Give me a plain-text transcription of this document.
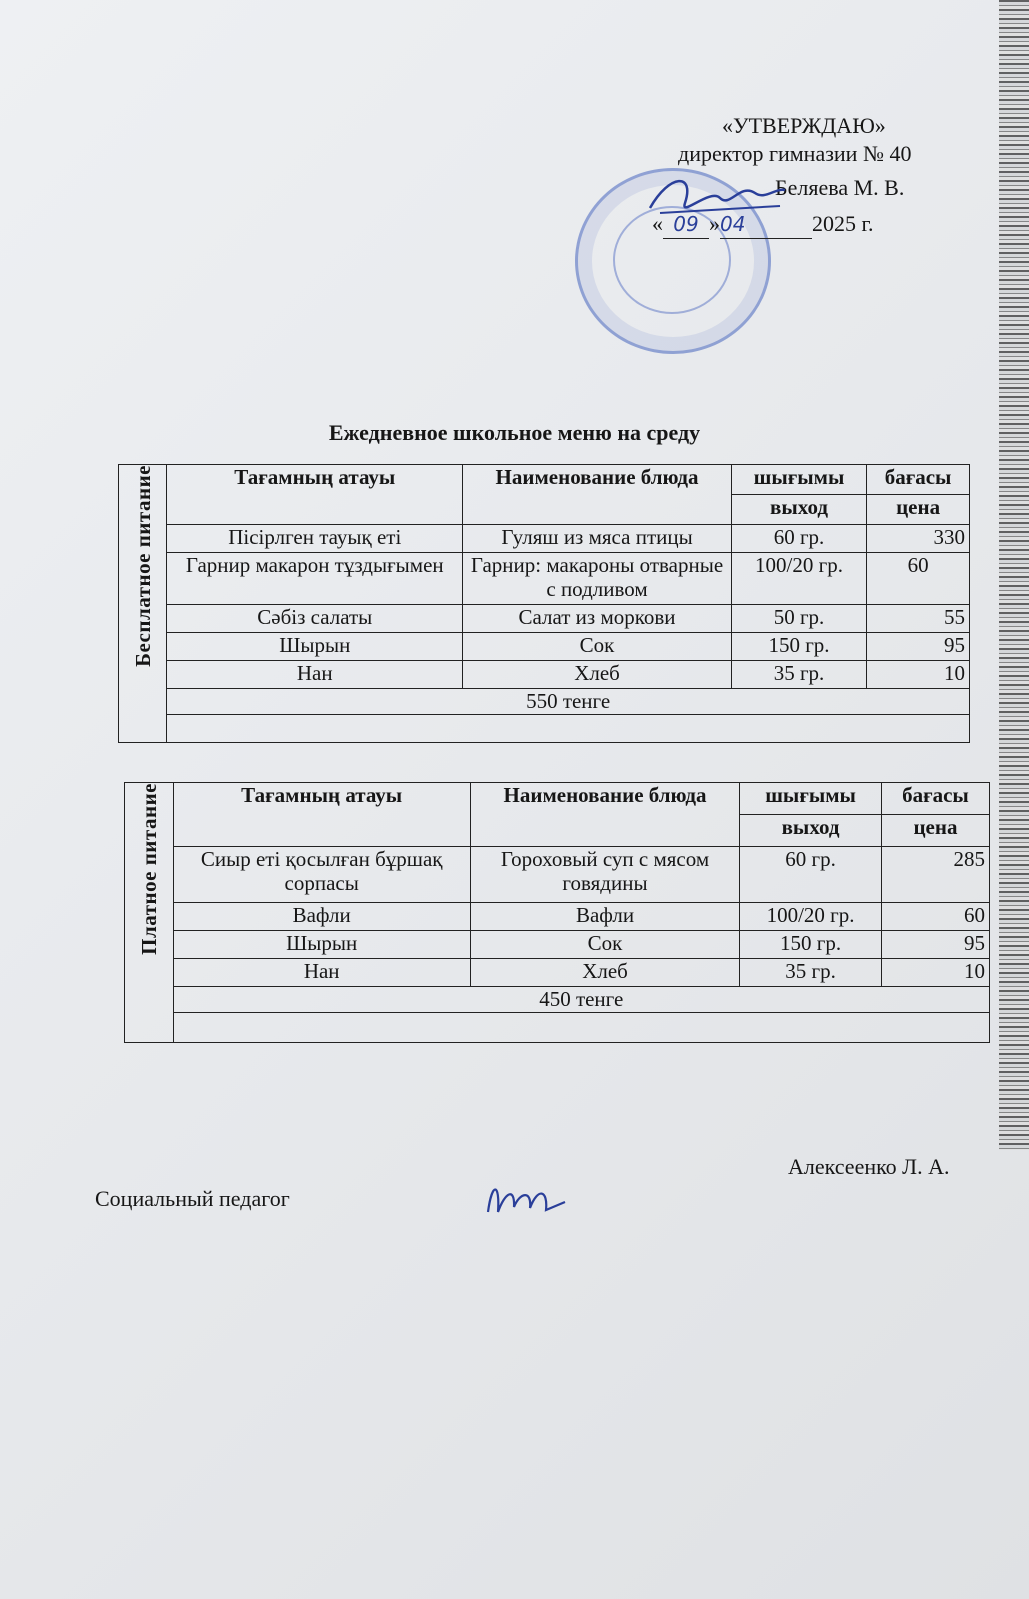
«УТВЕРЖДАЮ»
директор гимназии № 40
Беляева М. В.
« 09 »04	2025 г.
Ежедневное школьное меню на среду
Бесплатное питание	Тағамның атауы	Наименование блюда	шығымы	бағасы
			выход	цена
	Пісірлген тауық еті	Гуляш из мяса птицы	60 гр.	330
	Гарнир макарон тұздығымен	Гарнир: макароны отварные с подливом	100/20 гр.	60
	Сәбіз салаты	Салат из моркови	50 гр.	55
	Шырын	Сок	150 гр.	95
	Нан	Хлеб	35 гр.	10
	550 тенге			

Платное питание	Тағамның атауы	Наименование блюда	шығымы	бағасы
			выход	цена
	Сиыр еті қосылған бұршақ сорпасы	Гороховый суп с мясом говядины	60 гр.	285
	Вафли	Вафли	100/20 гр.	60
	Шырын	Сок	150 гр.	95
	Нан	Хлеб	35 гр.	10
	450 тенге			

Алексеенко Л. А.
Социальный педагог
